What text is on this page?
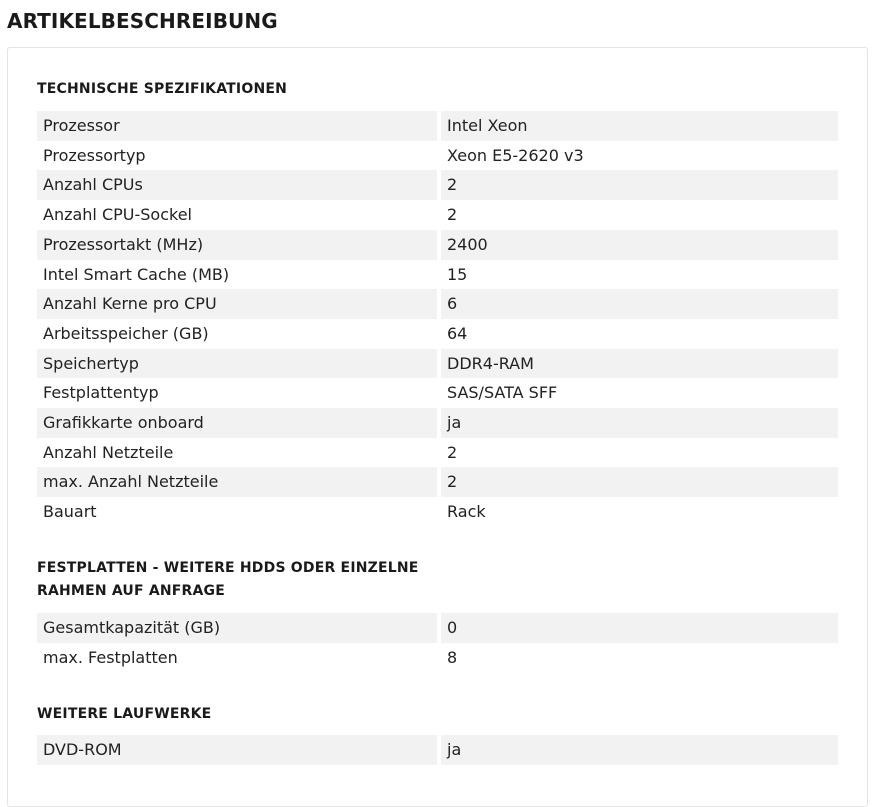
ARTIKELBESCHREIBUNG
TECHNISCHE SPEZIFIKATIONEN
Prozessor	Intel Xeon
Prozessortyp	Xeon E5-2620 v3
Anzahl CPUs	2
Anzahl CPU-Sockel	2
Prozessortakt (MHz)	2400
Intel Smart Cache (MB)	15
Anzahl Kerne pro CPU	6
Arbeitsspeicher (GB)	64
Speichertyp	DDR4-RAM
Festplattentyp	SAS/SATA SFF
Grafikkarte onboard	ja
Anzahl Netzteile	2
max. Anzahl Netzteile	2
Bauart	Rack
FESTPLATTEN - WEITERE HDDS ODER EINZELNE RAHMEN AUF ANFRAGE
Gesamtkapazität (GB)	0
max. Festplatten	8
WEITERE LAUFWERKE
DVD-ROM	ja
